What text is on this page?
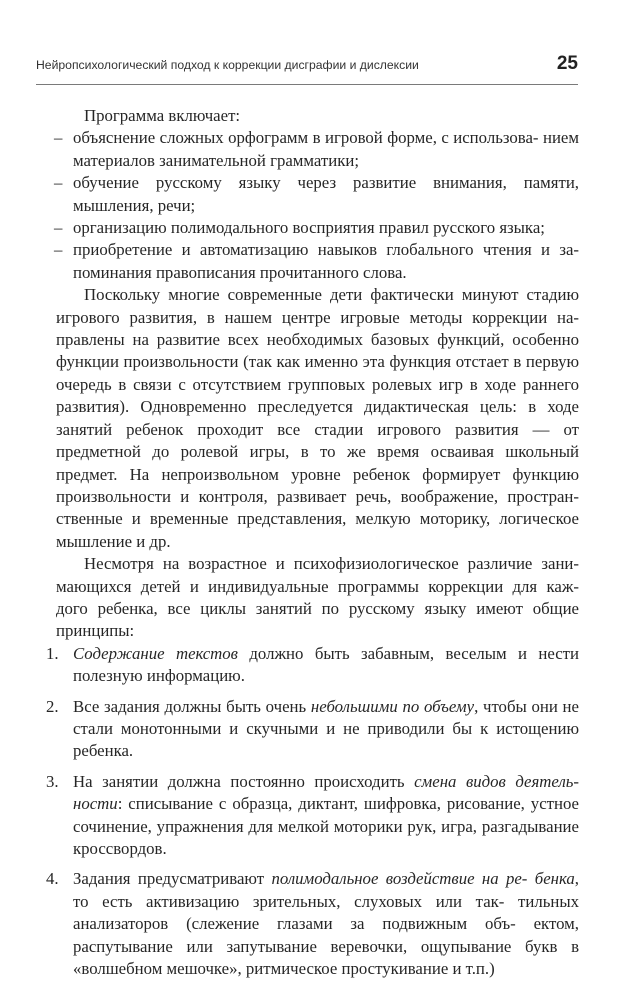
Нейропсихологический подход к коррекции дисграфии и дислексии	25

Программа включает:

– объяснение сложных орфограмм в игровой форме, с использова- нием материалов занимательной грамматики;
– обучение русскому языку через развитие внимания, памяти, мышления, речи;
– организацию полимодального восприятия правил русского языка;
– приобретение и автоматизацию навыков глобального чтения и за- поминания правописания прочитанного слова.

Поскольку многие современные дети фактически минуют стадию игрового развития, в нашем центре игровые методы коррекции на- правлены на развитие всех необходимых базовых функций, особенно функции произвольности (так как именно эта функция отстает в первую очередь в связи с отсутствием групповых ролевых игр в ходе раннего развития). Одновременно преследуется дидактическая цель: в ходе занятий ребенок проходит все стадии игрового развития — от предметной до ролевой игры, в то же время осваивая школьный предмет. На непроизвольном уровне ребенок формирует функцию произвольности и контроля, развивает речь, воображение, простран- ственные и временные представления, мелкую моторику, логическое мышление и др.

Несмотря на возрастное и психофизиологическое различие зани- мающихся детей и индивидуальные программы коррекции для каж- дого ребенка, все циклы занятий по русскому языку имеют общие принципы:

1. Содержание текстов должно быть забавным, веселым и нести полезную информацию.
2. Все задания должны быть очень небольшими по объему, чтобы они не стали монотонными и скучными и не приводили бы к истощению ребенка.
3. На занятии должна постоянно происходить смена видов деятель- ности: списывание с образца, диктант, шифровка, рисование, устное сочинение, упражнения для мелкой моторики рук, игра, разгадывание кроссвордов.
4. Задания предусматривают полимодальное воздействие на ре- бенка, то есть активизацию зрительных, слуховых или так- тильных анализаторов (слежение глазами за подвижным объ- ектом, распутывание или запутывание веревочки, ощупывание букв в «волшебном мешочке», ритмическое простукивание и т.п.)
